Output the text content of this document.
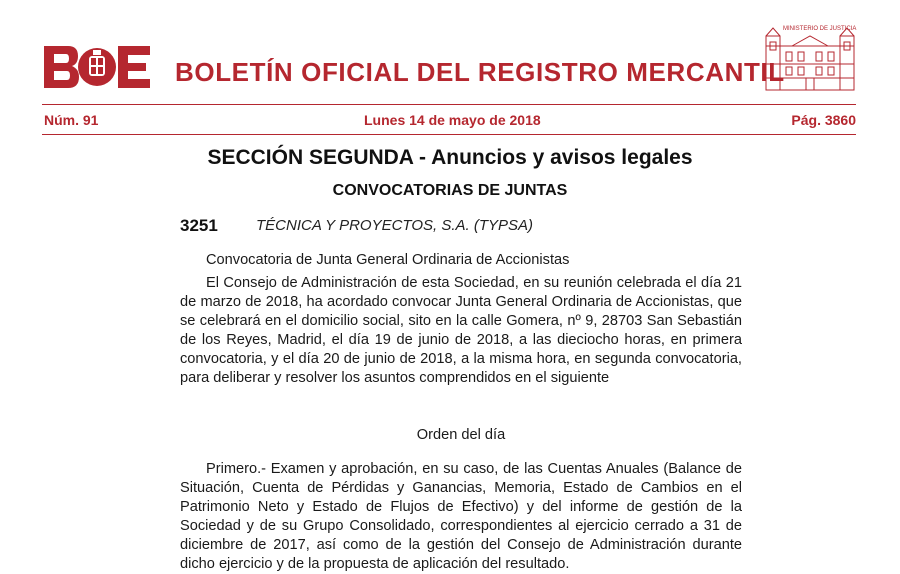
BOLETÍN OFICIAL DEL REGISTRO MERCANTIL
MINISTERIO DE JUSTICIA
Núm. 91	Lunes 14 de mayo de 2018	Pág. 3860
SECCIÓN SEGUNDA - Anuncios y avisos legales
CONVOCATORIAS DE JUNTAS
3251	TÉCNICA Y PROYECTOS, S.A. (TYPSA)
Convocatoria de Junta General Ordinaria de Accionistas
El Consejo de Administración de esta Sociedad, en su reunión celebrada el día 21 de marzo de 2018, ha acordado convocar Junta General Ordinaria de Accionistas, que se celebrará en el domicilio social, sito en la calle Gomera, nº 9, 28703 San Sebastián de los Reyes, Madrid, el día 19 de junio de 2018, a las dieciocho horas, en primera convocatoria, y el día 20 de junio de 2018, a la misma hora, en segunda convocatoria, para deliberar y resolver los asuntos comprendidos en el siguiente
Orden del día
Primero.- Examen y aprobación, en su caso, de las Cuentas Anuales (Balance de Situación, Cuenta de Pérdidas y Ganancias, Memoria, Estado de Cambios en el Patrimonio Neto y Estado de Flujos de Efectivo) y del informe de gestión de la Sociedad y de su Grupo Consolidado, correspondientes al ejercicio cerrado a 31 de diciembre de 2017, así como de la gestión del Consejo de Administración durante dicho ejercicio y de la propuesta de aplicación del resultado.
